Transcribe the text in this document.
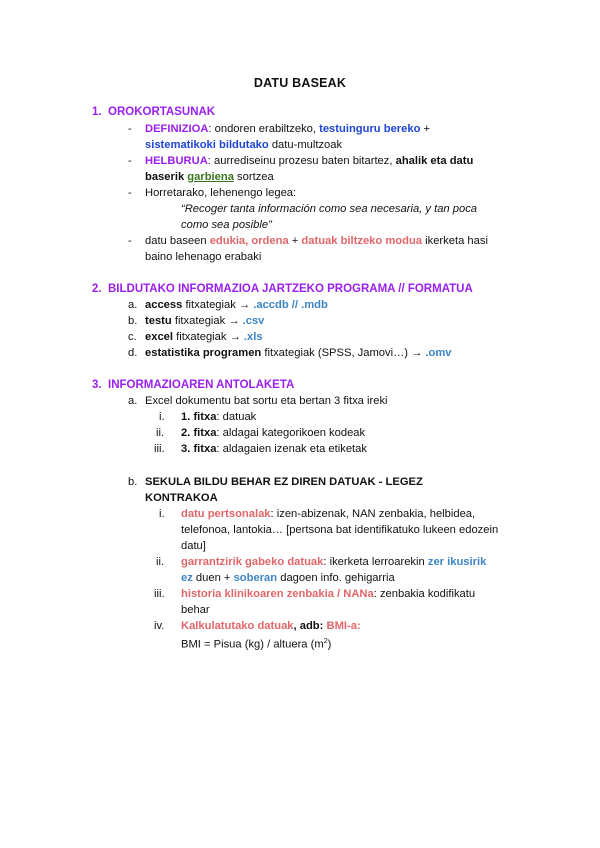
DATU BASEAK
1. OROKORTASUNAK
- DEFINIZIOA: ondoren erabiltzeko, testuinguru bereko +
sistematikoki bildutako datu-multzoak
- HELBURUA: aurrediseinu prozesu baten bitartez, ahalik eta datu
baserik garbiena sortzea
- Horretarako, lehenengo legea:
“Recoger tanta información como sea necesaria, y tan poca
como sea posible”
- datu baseen edukia, ordena + datuak biltzeko modua ikerketa hasi
baino lehenago erabaki
2. BILDUTAKO INFORMAZIOA JARTZEKO PROGRAMA // FORMATUA
a. access fitxategiak → .accdb // .mdb
b. testu fitxategiak → .csv
c. excel fitxategiak → .xls
d. estatistika programen fitxategiak (SPSS, Jamovi…) → .omv
3. INFORMAZIOAREN ANTOLAKETA
a. Excel dokumentu bat sortu eta bertan 3 fitxa ireki
i. 1. fitxa: datuak
ii. 2. fitxa: aldagai kategorikoen kodeak
iii. 3. fitxa: aldagaien izenak eta etiketak
b. SEKULA BILDU BEHAR EZ DIREN DATUAK - LEGEZ
KONTRAKOA
i. datu pertsonalak: izen-abizenak, NAN zenbakia, helbidea,
telefonoa, lantokia… [pertsona bat identifikatuko lukeen edozein
datu]
ii. garrantzirik gabeko datuak: ikerketa lerroarekin zer ikusirik
ez duen + soberan dagoen info. gehigarria
iii. historia klinikoaren zenbakia / NANa: zenbakia kodifikatu
behar
iv. Kalkulatutako datuak, adb: BMI-a:
BMI = Pisua (kg) / altuera $(m^2)$
